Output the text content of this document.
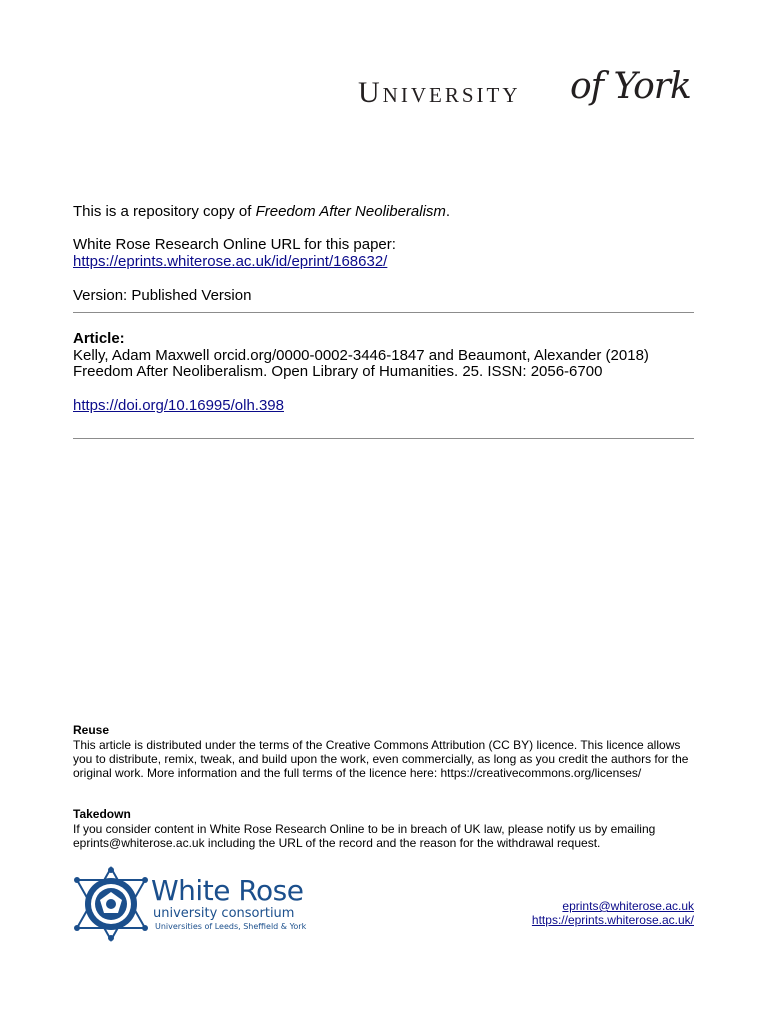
University of York
This is a repository copy of Freedom After Neoliberalism.
White Rose Research Online URL for this paper:
https://eprints.whiterose.ac.uk/id/eprint/168632/
Version: Published Version
Article:
Kelly, Adam Maxwell orcid.org/0000-0002-3446-1847 and Beaumont, Alexander (2018)
Freedom After Neoliberalism. Open Library of Humanities. 25. ISSN: 2056-6700
https://doi.org/10.16995/olh.398
Reuse
This article is distributed under the terms of the Creative Commons Attribution (CC BY) licence. This licence allows you to distribute, remix, tweak, and build upon the work, even commercially, as long as you credit the authors for the original work. More information and the full terms of the licence here: https://creativecommons.org/licenses/
Takedown
If you consider content in White Rose Research Online to be in breach of UK law, please notify us by emailing eprints@whiterose.ac.uk including the URL of the record and the reason for the withdrawal request.
White Rose
university consortium
Universities of Leeds, Sheffield & York
eprints@whiterose.ac.uk
https://eprints.whiterose.ac.uk/
